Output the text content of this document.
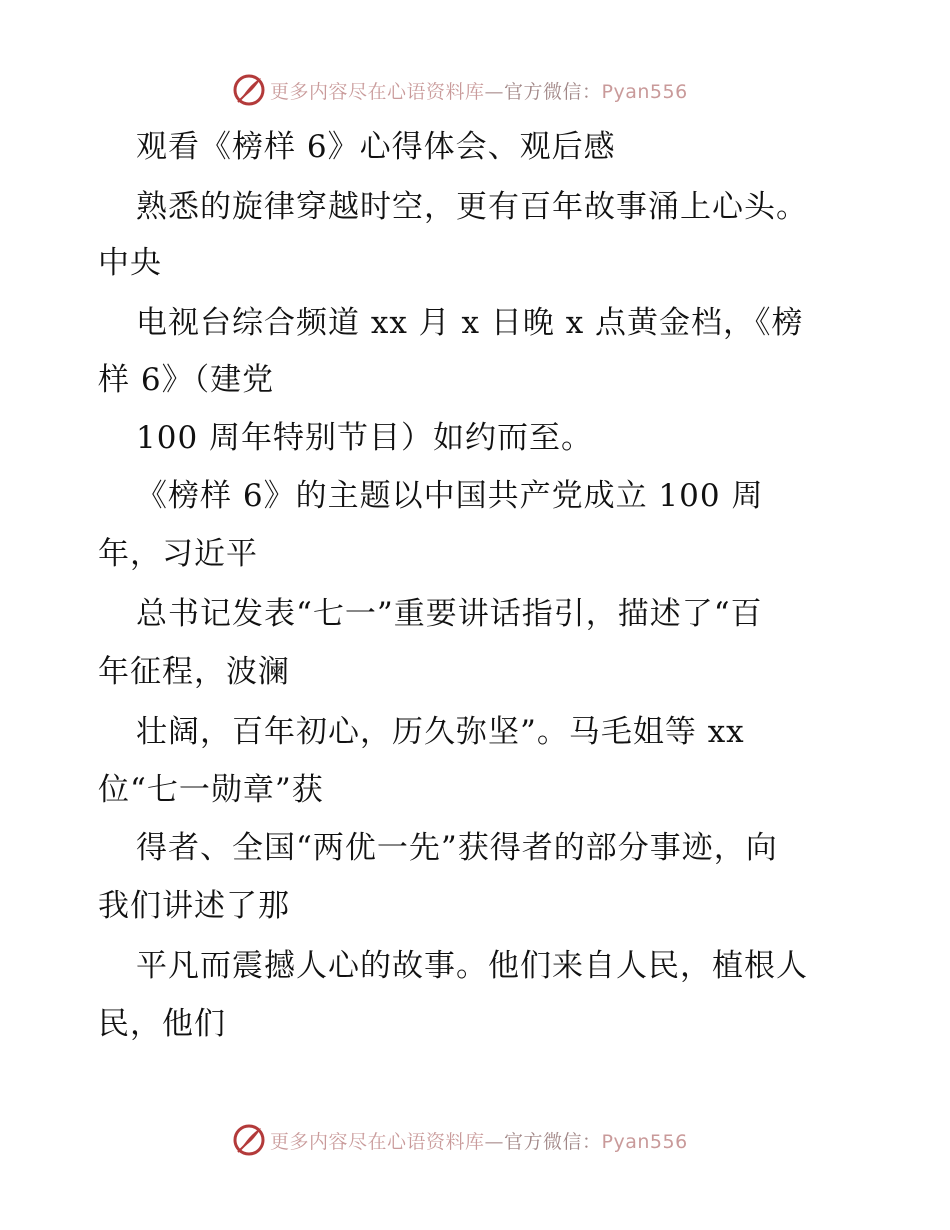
更多内容尽在心语资料库—官方微信：Pyan556
观看《榜样 6》心得体会、观后感
熟悉的旋律穿越时空，更有百年故事涌上心头。
中央
电视台综合频道 xx 月 x 日晚 x 点黄金档，《榜
样 6》（建党
100 周年特别节目）如约而至。
《榜样 6》的主题以中国共产党成立 100 周
年，习近平
总书记发表“七一”重要讲话指引，描述了“百
年征程，波澜
壮阔，百年初心，历久弥坚”。马毛姐等 xx
位“七一勋章”获
得者、全国“两优一先”获得者的部分事迹，向
我们讲述了那
平凡而震撼人心的故事。他们来自人民，植根人
民，他们
更多内容尽在心语资料库—官方微信：Pyan556
